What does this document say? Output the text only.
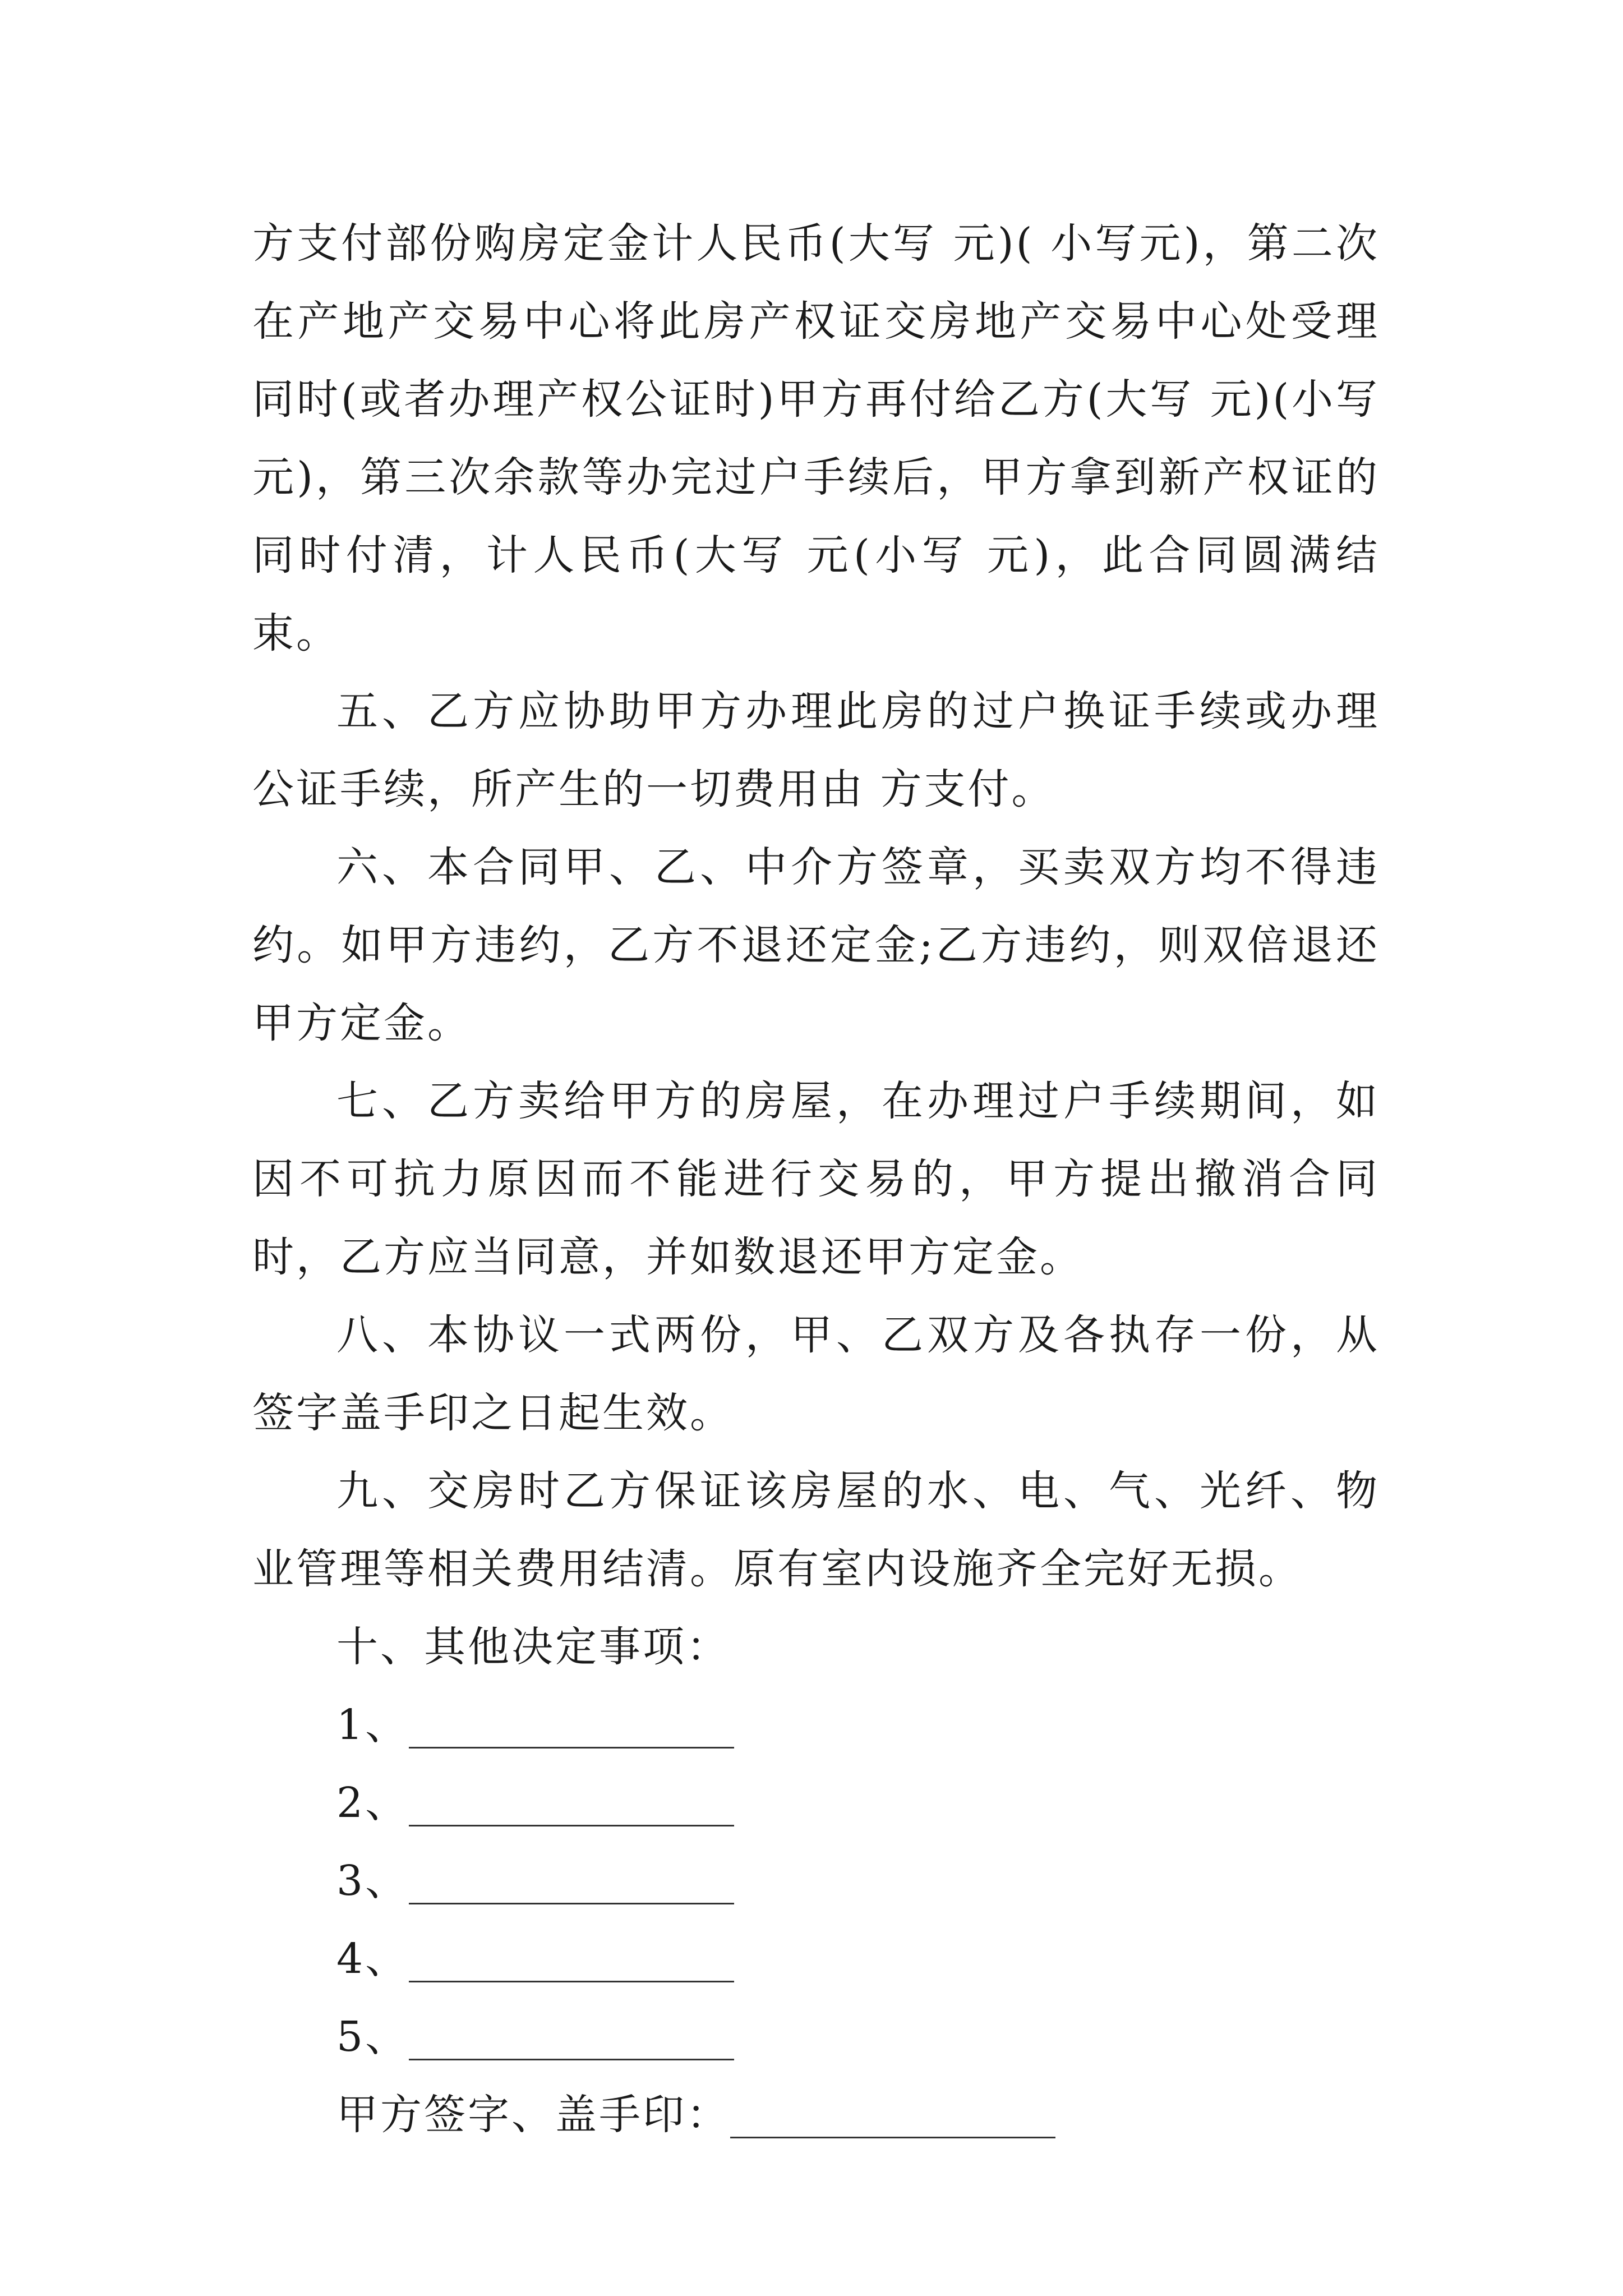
方支付部份购房定金计人民币(大写 元)( 小写元)，第二次在产地产交易中心将此房产权证交房地产交易中心处受理同时(或者办理产权公证时)甲方再付给乙方(大写 元)(小写元)，第三次余款等办完过户手续后，甲方拿到新产权证的同时付清，计人民币(大写 元(小写 元)，此合同圆满结束。

五、乙方应协助甲方办理此房的过户换证手续或办理公证手续，所产生的一切费用由 方支付。

六、本合同甲、乙、中介方签章，买卖双方均不得违约。如甲方违约，乙方不退还定金;乙方违约，则双倍退还甲方定金。

七、乙方卖给甲方的房屋，在办理过户手续期间，如因不可抗力原因而不能进行交易的，甲方提出撤消合同时，乙方应当同意，并如数退还甲方定金。

八、本协议一式两份，甲、乙双方及各执存一份，从签字盖手印之日起生效。

九、交房时乙方保证该房屋的水、电、气、光纤、物业管理等相关费用结清。原有室内设施齐全完好无损。

十、其他决定事项：

1、
2、
3、
4、
5、
甲方签字、盖手印：
